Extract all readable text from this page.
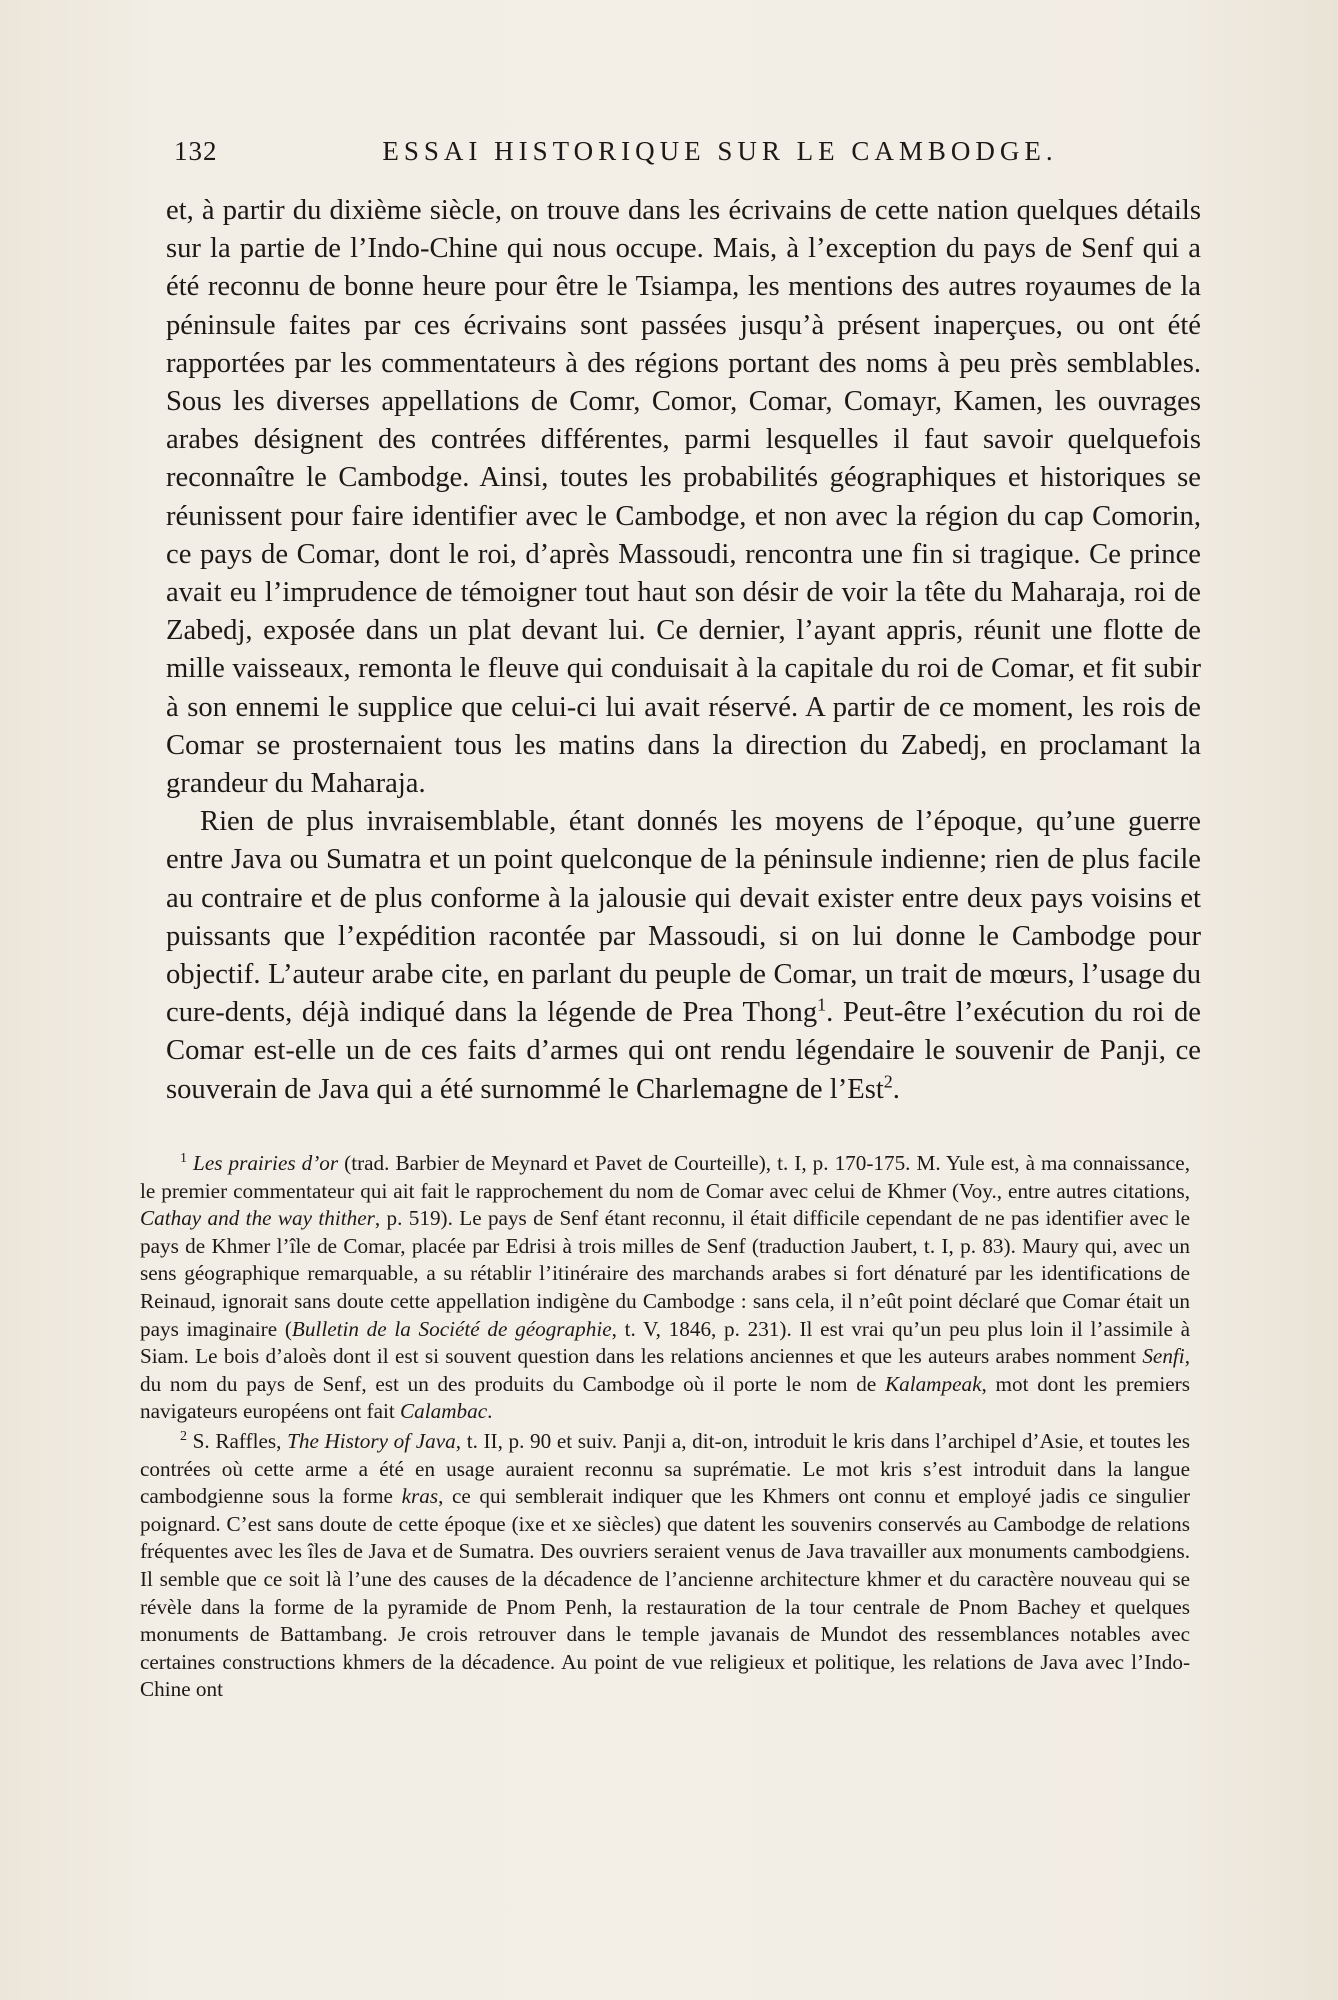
132	ESSAI HISTORIQUE SUR LE CAMBODGE.

et, à partir du dixième siècle, on trouve dans les écrivains de cette nation quelques détails sur la partie de l’Indo-Chine qui nous occupe. Mais, à l’exception du pays de Senf qui a été reconnu de bonne heure pour être le Tsiampa, les mentions des autres royaumes de la péninsule faites par ces écrivains sont passées jusqu’à présent inaperçues, ou ont été rapportées par les commentateurs à des régions portant des noms à peu près semblables. Sous les diverses appellations de Comr, Comor, Comar, Comayr, Kamen, les ouvrages arabes désignent des contrées différentes, parmi lesquelles il faut savoir quelquefois reconnaître le Cambodge. Ainsi, toutes les probabilités géographiques et historiques se réunissent pour faire identifier avec le Cambodge, et non avec la région du cap Comorin, ce pays de Comar, dont le roi, d’après Massoudi, rencontra une fin si tragique. Ce prince avait eu l’imprudence de témoigner tout haut son désir de voir la tête du Maharaja, roi de Zabedj, exposée dans un plat devant lui. Ce dernier, l’ayant appris, réunit une flotte de mille vaisseaux, remonta le fleuve qui conduisait à la capitale du roi de Comar, et fit subir à son ennemi le supplice que celui-ci lui avait réservé. A partir de ce moment, les rois de Comar se prosternaient tous les matins dans la direction du Zabedj, en proclamant la grandeur du Maharaja.

Rien de plus invraisemblable, étant donnés les moyens de l’époque, qu’une guerre entre Java ou Sumatra et un point quelconque de la péninsule indienne; rien de plus facile au contraire et de plus conforme à la jalousie qui devait exister entre deux pays voisins et puissants que l’expédition racontée par Massoudi, si on lui donne le Cambodge pour objectif. L’auteur arabe cite, en parlant du peuple de Comar, un trait de mœurs, l’usage du cure-dents, déjà indiqué dans la légende de Prea Thong$^1$. Peut-être l’exécution du roi de Comar est-elle un de ces faits d’armes qui ont rendu légendaire le souvenir de Panji, ce souverain de Java qui a été surnommé le Charlemagne de l’Est$^2$.

$^1$ Les prairies d’or (trad. Barbier de Meynard et Pavet de Courteille), t. I, p. 170-175. M. Yule est, à ma connaissance, le premier commentateur qui ait fait le rapprochement du nom de Comar avec celui de Khmer (Voy., entre autres citations, Cathay and the way thither, p. 519). Le pays de Senf étant reconnu, il était difficile cependant de ne pas identifier avec le pays de Khmer l’île de Comar, placée par Edrisi à trois milles de Senf (traduction Jaubert, t. I, p. 83). Maury qui, avec un sens géographique remarquable, a su rétablir l’itinéraire des marchands arabes si fort dénaturé par les identifications de Reinaud, ignorait sans doute cette appellation indigène du Cambodge : sans cela, il n’eût point déclaré que Comar était un pays imaginaire (Bulletin de la Société de géographie, t. V, 1846, p. 231). Il est vrai qu’un peu plus loin il l’assimile à Siam. Le bois d’aloès dont il est si souvent question dans les relations anciennes et que les auteurs arabes nomment Senfi, du nom du pays de Senf, est un des produits du Cambodge où il porte le nom de Kalampeak, mot dont les premiers navigateurs européens ont fait Calambac.

$^2$ S. Raffles, The History of Java, t. II, p. 90 et suiv. Panji a, dit-on, introduit le kris dans l’archipel d’Asie, et toutes les contrées où cette arme a été en usage auraient reconnu sa suprématie. Le mot kris s’est introduit dans la langue cambodgienne sous la forme kras, ce qui semblerait indiquer que les Khmers ont connu et employé jadis ce singulier poignard. C’est sans doute de cette époque (ixe et xe siècles) que datent les souvenirs conservés au Cambodge de relations fréquentes avec les îles de Java et de Sumatra. Des ouvriers seraient venus de Java travailler aux monuments cambodgiens. Il semble que ce soit là l’une des causes de la décadence de l’ancienne architecture khmer et du caractère nouveau qui se révèle dans la forme de la pyramide de Pnom Penh, la restauration de la tour centrale de Pnom Bachey et quelques monuments de Battambang. Je crois retrouver dans le temple javanais de Mundot des ressemblances notables avec certaines constructions khmers de la décadence. Au point de vue religieux et politique, les relations de Java avec l’Indo-Chine ont
